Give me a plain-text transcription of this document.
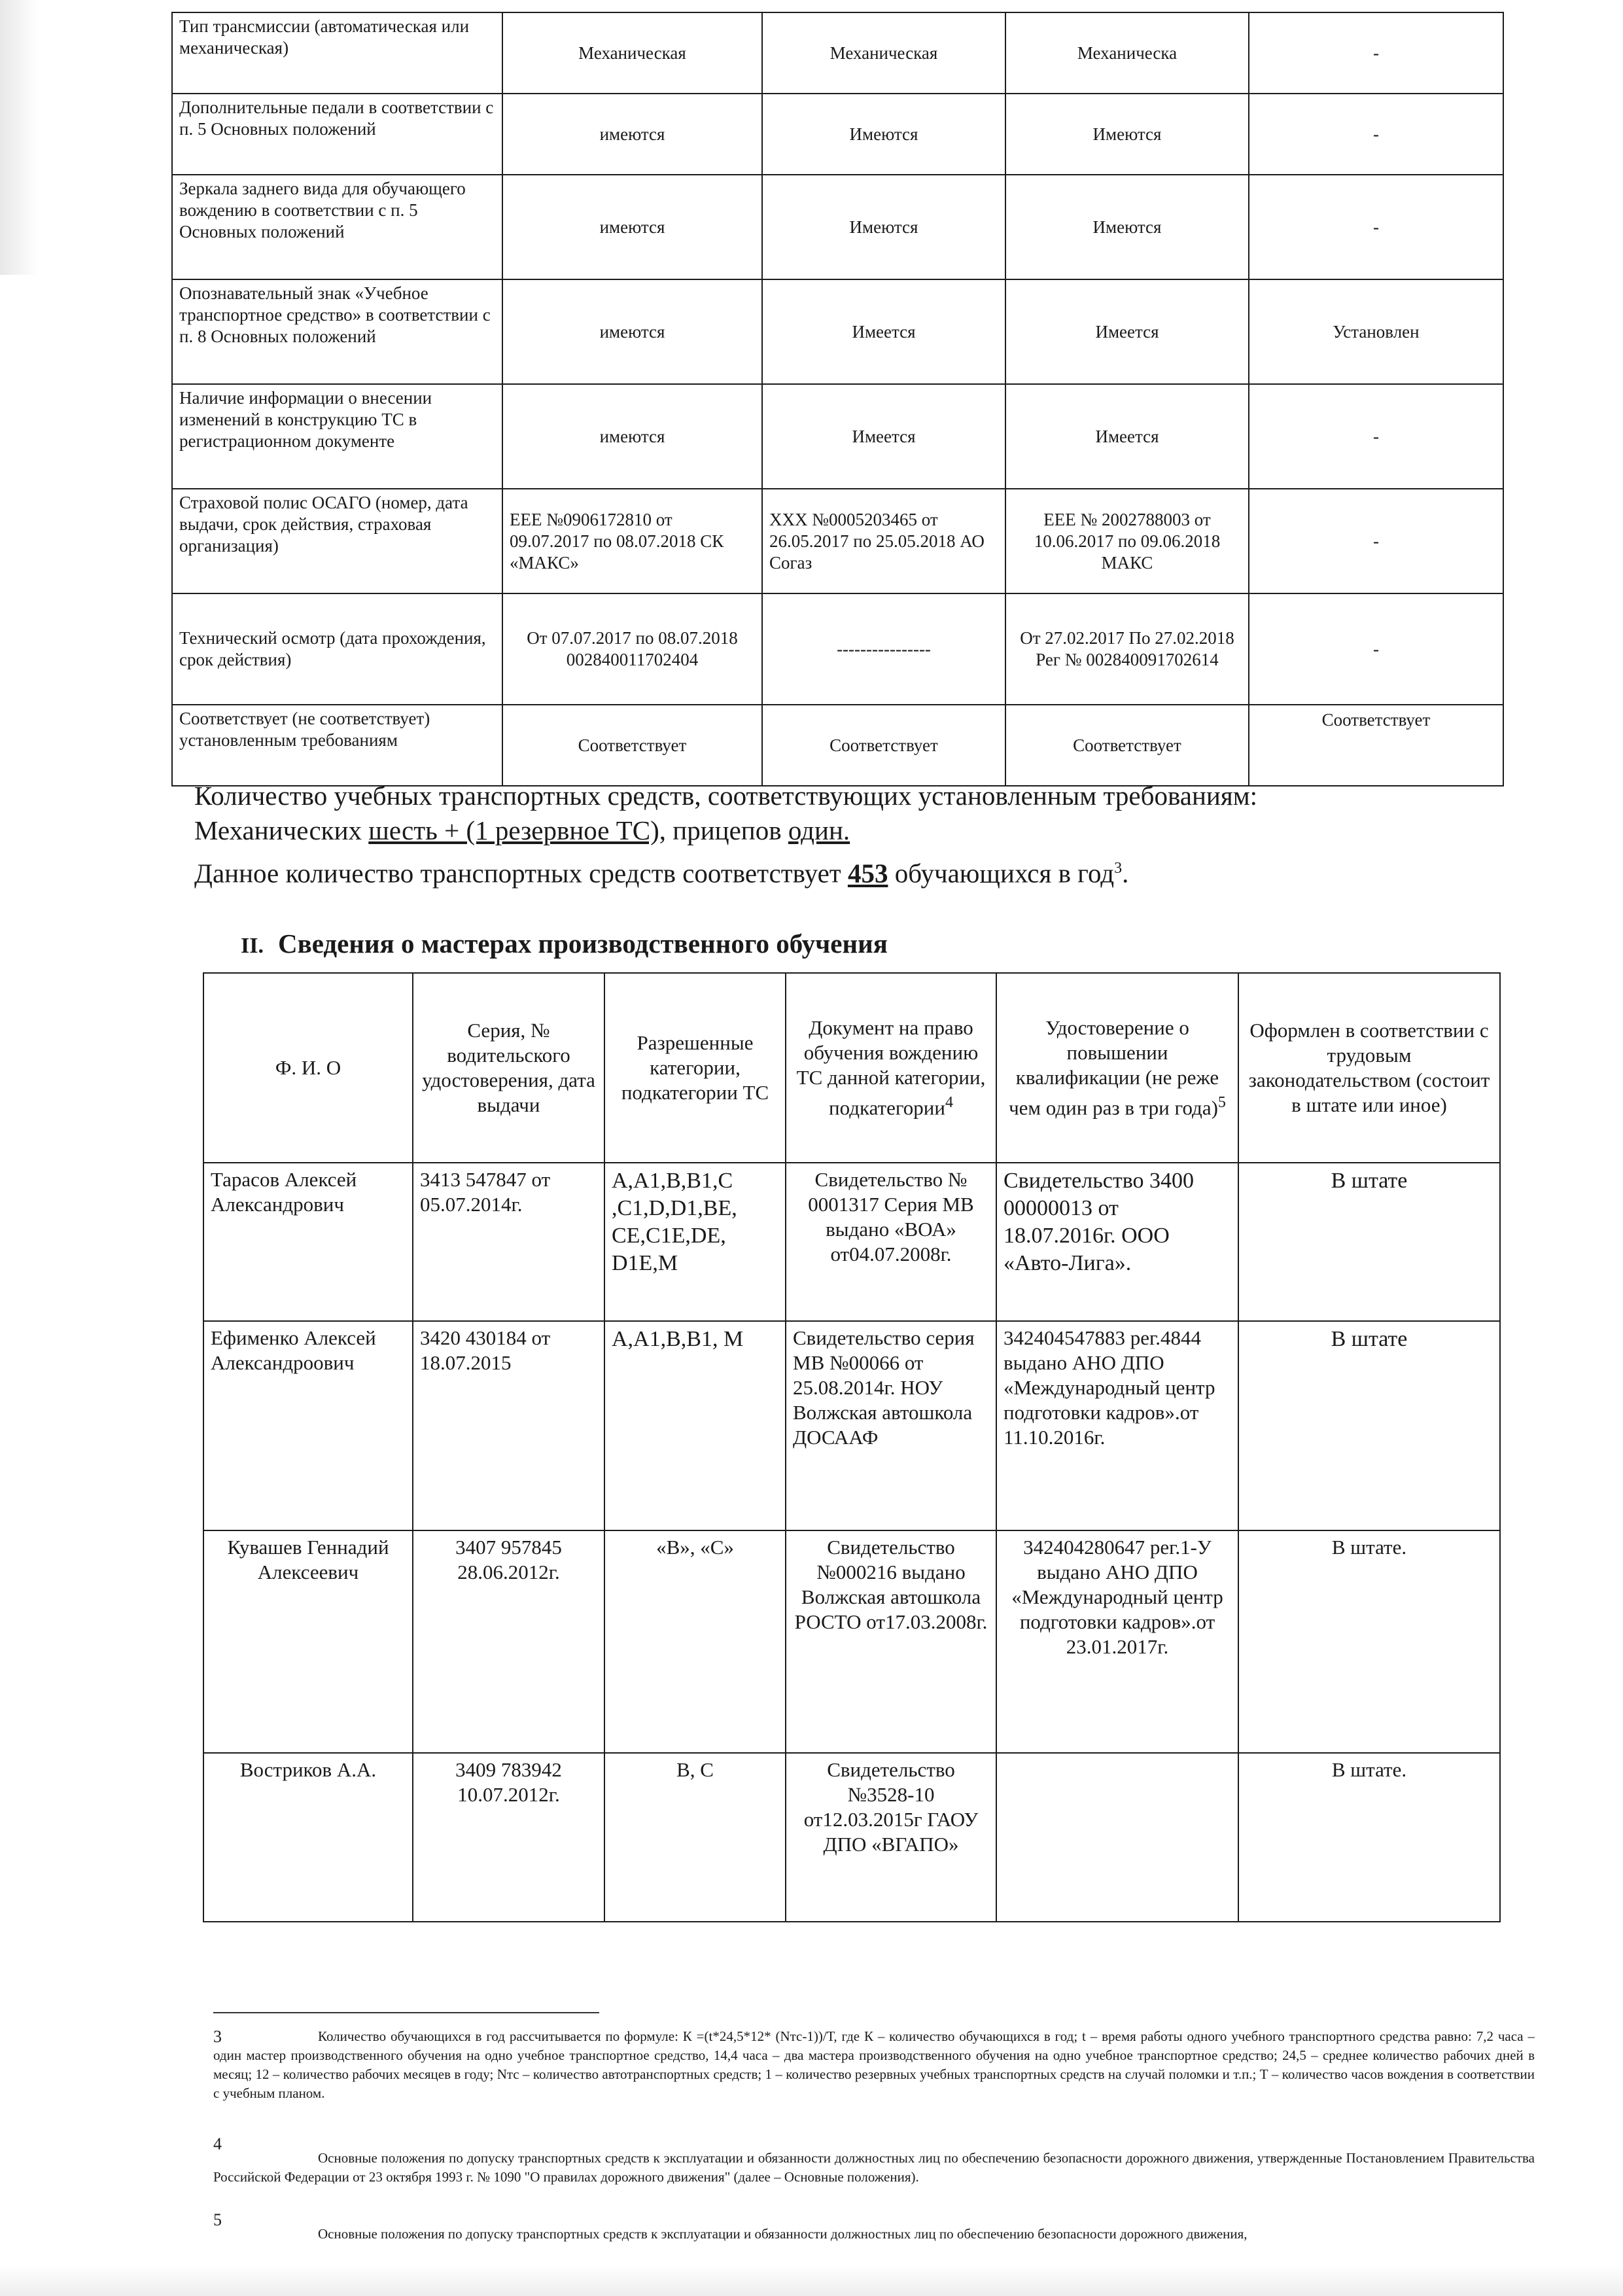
Тип трансмиссии (автоматическая или механическая)	Механическая	Механическая	Механическа	-
Дополнительные педали в соответствии с п. 5 Основных положений	имеются	Имеются	Имеются	-
Зеркала заднего вида для обучающего вождению в соответствии с п. 5 Основных положений	имеются	Имеются	Имеются	-
Опознавательный знак «Учебное транспортное средство» в соответствии с п. 8 Основных положений	имеются	Имеется	Имеется	Установлен
Наличие информации о внесении изменений в конструкцию ТС в регистрационном документе	имеются	Имеется	Имеется	-
Страховой полис ОСАГО (номер, дата выдачи, срок действия, страховая организация)	ЕЕЕ №0906172810 от 09.07.2017 по 08.07.2018 СК «МАКС»	ХХХ №0005203465 от 26.05.2017 по 25.05.2018 АО Согаз	ЕЕЕ № 2002788003 от 10.06.2017 по 09.06.2018 МАКС	-
Технический осмотр (дата прохождения, срок действия)	От 07.07.2017 по 08.07.2018 002840011702404	----------------	От 27.02.2017 По 27.02.2018 Рег № 002840091702614	-
Соответствует (не соответствует) установленным требованиям	Соответствует	Соответствует	Соответствует	Соответствует
Количество учебных транспортных средств, соответствующих установленным требованиям:
Механических шесть + (1 резервное ТС), прицепов один.
Данное количество транспортных средств соответствует 453 обучающихся в год$^3$.
II. Сведения о мастерах производственного обучения
Ф. И. О	Серия, № водительского удостоверения, дата выдачи	Разрешенные категории, подкатегории ТС	Документ на право обучения вождению ТС данной категории, подкатегории$^4$	Удостоверение о повышении квалификации (не реже чем один раз в три года)$^5$	Оформлен в соответствии с трудовым законодательством (состоит в штате или иное)
Тарасов Алексей Александрович	3413 547847 от 05.07.2014г.	А,А1,В,В1,С ,С1,D,D1,BE, CE,C1E,DE, D1E,M	Свидетельство № 0001317 Серия МВ выдано «ВОА» от04.07.2008г.	Свидетельство 3400 00000013 от 18.07.2016г. ООО «Авто-Лига».	В штате
Ефименко Алексей Александроович	3420 430184 от 18.07.2015	А,А1,В,В1, М	Свидетельство серия МВ №00066 от 25.08.2014г. НОУ Волжская автошкола ДОСААФ	342404547883 рег.4844 выдано АНО ДПО «Международный центр подготовки кадров».от 11.10.2016г.	В штате
Кувашев Геннадий Алексеевич	3407 957845 28.06.2012г.	«В», «С»	Свидетельство №000216 выдано Волжская автошкола РОСТО от17.03.2008г.	342404280647 рег.1-У выдано АНО ДПО «Международный центр подготовки кадров».от 23.01.2017г.	В штате.
Востриков А.А.	3409 783942 10.07.2012г.	В, С	Свидетельство №3528-10 от12.03.2015г ГАОУ ДПО «ВГАПО»		В штате.
3	Количество обучающихся в год рассчитывается по формуле: К =(t*24,5*12* (Nтс-1))/Т, где К – количество обучающихся в год; t – время работы одного учебного транспортного средства равно: 7,2 часа – один мастер производственного обучения на одно учебное транспортное средство, 14,4 часа – два мастера производственного обучения на одно учебное транспортное средство; 24,5 – среднее количество рабочих дней в месяц; 12 – количество рабочих месяцев в году; Nтс – количество автотранспортных средств; 1 – количество резервных учебных транспортных средств на случай поломки и т.п.; Т – количество часов вождения в соответствии с учебным планом.
4
Основные положения по допуску транспортных средств к эксплуатации и обязанности должностных лиц по обеспечению безопасности дорожного движения, утвержденные Постановлением Правительства Российской Федерации от 23 октября 1993 г. № 1090 "О правилах дорожного движения" (далее – Основные положения).
5
Основные положения по допуску транспортных средств к эксплуатации и обязанности должностных лиц по обеспечению безопасности дорожного движения,
